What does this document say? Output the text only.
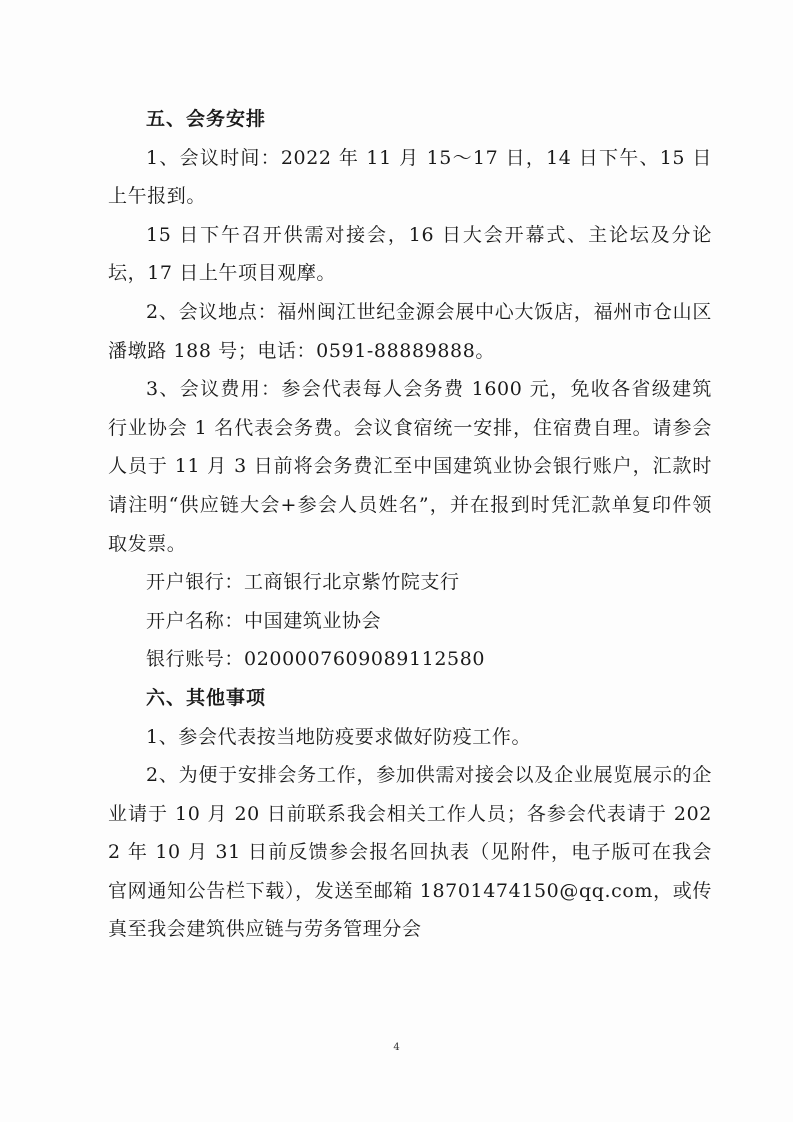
五、会务安排

1、会议时间：2022 年 11 月 15～17 日，14 日下午、15 日上午报到。

15 日下午召开供需对接会，16 日大会开幕式、主论坛及分论坛，17 日上午项目观摩。

2、会议地点：福州闽江世纪金源会展中心大饭店，福州市仓山区潘墩路 188 号；电话：0591-88889888。

3、会议费用：参会代表每人会务费 1600 元，免收各省级建筑行业协会 1 名代表会务费。会议食宿统一安排，住宿费自理。请参会人员于 11 月 3 日前将会务费汇至中国建筑业协会银行账户，汇款时请注明“供应链大会+参会人员姓名”，并在报到时凭汇款单复印件领取发票。

开户银行：工商银行北京紫竹院支行

开户名称：中国建筑业协会

银行账号：0200007609089112580

六、其他事项

1、参会代表按当地防疫要求做好防疫工作。

2、为便于安排会务工作，参加供需对接会以及企业展览展示的企业请于 10 月 20 日前联系我会相关工作人员；各参会代表请于 2022 年 10 月 31 日前反馈参会报名回执表（见附件，电子版可在我会官网通知公告栏下载），发送至邮箱 18701474150@qq.com，或传真至我会建筑供应链与劳务管理分会

4
